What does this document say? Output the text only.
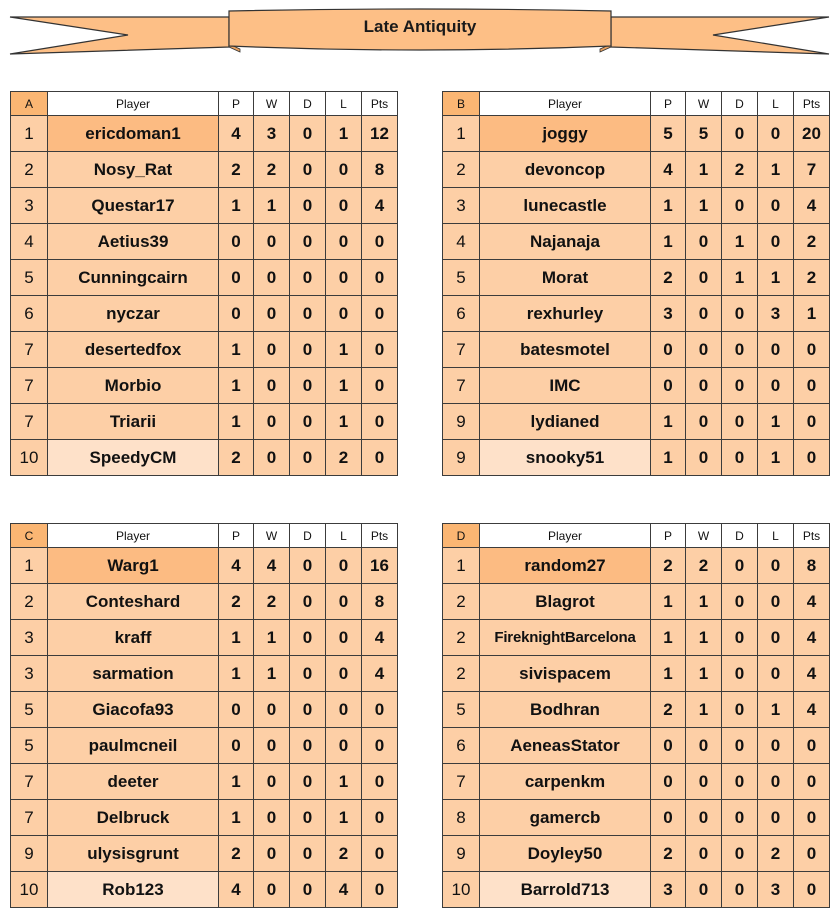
Late Antiquity
A	Player	P	W	D	L	Pts
1	ericdoman1	4	3	0	1	12
2	Nosy_Rat	2	2	0	0	8
3	Questar17	1	1	0	0	4
4	Aetius39	0	0	0	0	0
5	Cunningcairn	0	0	0	0	0
6	nyczar	0	0	0	0	0
7	desertedfox	1	0	0	1	0
7	Morbio	1	0	0	1	0
7	Triarii	1	0	0	1	0
10	SpeedyCM	2	0	0	2	0
B	Player	P	W	D	L	Pts
1	joggy	5	5	0	0	20
2	devoncop	4	1	2	1	7
3	lunecastle	1	1	0	0	4
4	Najanaja	1	0	1	0	2
5	Morat	2	0	1	1	2
6	rexhurley	3	0	0	3	1
7	batesmotel	0	0	0	0	0
7	IMC	0	0	0	0	0
9	lydianed	1	0	0	1	0
9	snooky51	1	0	0	1	0
C	Player	P	W	D	L	Pts
1	Warg1	4	4	0	0	16
2	Conteshard	2	2	0	0	8
3	kraff	1	1	0	0	4
3	sarmation	1	1	0	0	4
5	Giacofa93	0	0	0	0	0
5	paulmcneil	0	0	0	0	0
7	deeter	1	0	0	1	0
7	Delbruck	1	0	0	1	0
9	ulysisgrunt	2	0	0	2	0
10	Rob123	4	0	0	4	0
D	Player	P	W	D	L	Pts
1	random27	2	2	0	0	8
2	Blagrot	1	1	0	0	4
2	FireknightBarcelona	1	1	0	0	4
2	sivispacem	1	1	0	0	4
5	Bodhran	2	1	0	1	4
6	AeneasStator	0	0	0	0	0
7	carpenkm	0	0	0	0	0
8	gamercb	0	0	0	0	0
9	Doyley50	2	0	0	2	0
10	Barrold713	3	0	0	3	0
